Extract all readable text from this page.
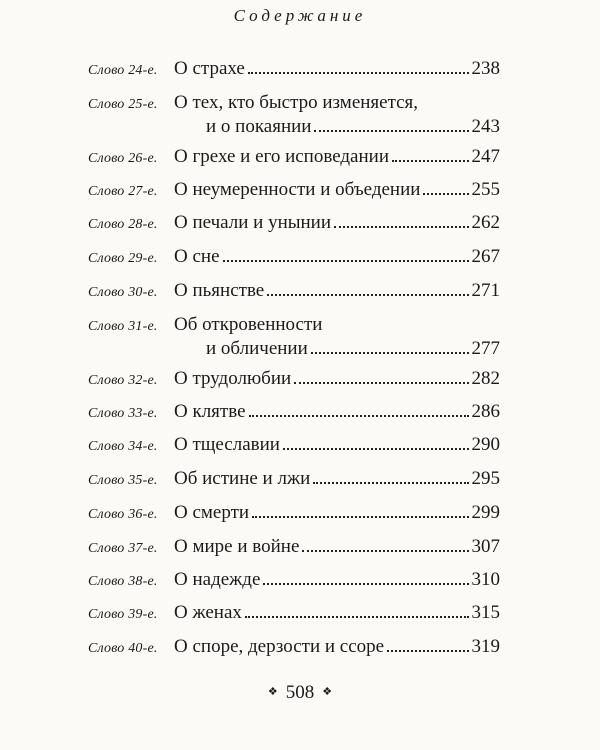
Содержание
Слово 24-е. О страхе	238
Слово 25-е. О тех, кто быстро изменяется,
и о покаянии	243
Слово 26-е. О грехе и его исповедании	247
Слово 27-е. О неумеренности и объедении	255
Слово 28-е. О печали и унынии	262
Слово 29-е. О сне	267
Слово 30-е. О пьянстве	271
Слово 31-е. Об откровенности
и обличении	277
Слово 32-е. О трудолюбии	282
Слово 33-е. О клятве	286
Слово 34-е. О тщеславии	290
Слово 35-е. Об истине и лжи	295
Слово 36-е. О смерти	299
Слово 37-е. О мире и войне	307
Слово 38-е. О надежде	310
Слово 39-е. О женах	315
Слово 40-е. О споре, дерзости и ссоре	319
❖ 508 ❖
